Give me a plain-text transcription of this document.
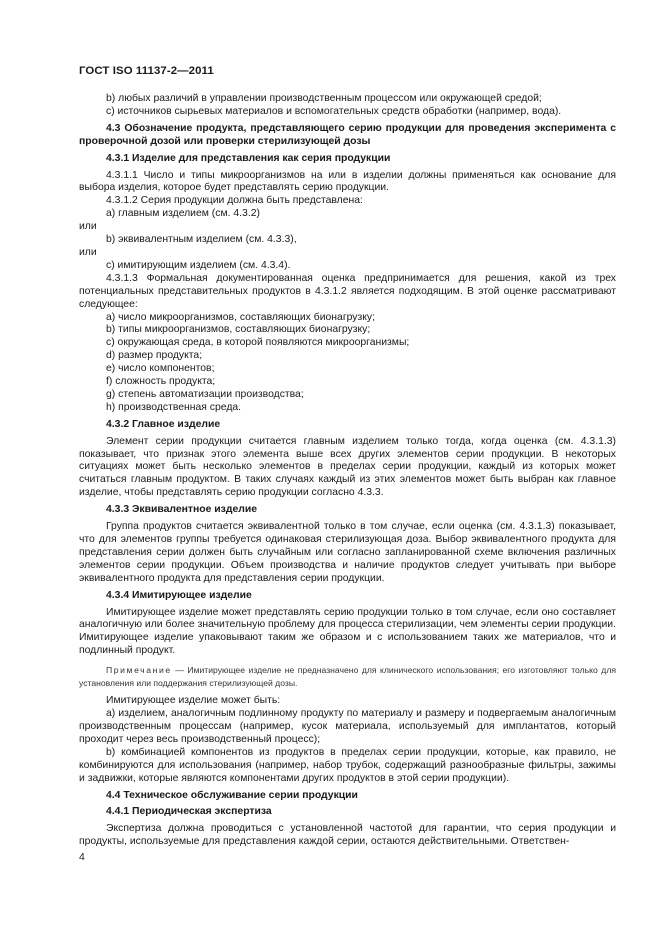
ГОСТ ISO 11137-2—2011

b) любых различий в управлении производственным процессом или окружающей средой;

c) источников сырьевых материалов и вспомогательных средств обработки (например, вода).

4.3 Обозначение продукта, представляющего серию продукции для проведения эксперимента с проверочной дозой или проверки стерилизующей дозы

4.3.1 Изделие для представления как серия продукции

4.3.1.1 Число и типы микроорганизмов на или в изделии должны применяться как основание для выбора изделия, которое будет представлять серию продукции.

4.3.1.2 Серия продукции должна быть представлена:

a) главным изделием (см. 4.3.2)

или

b) эквивалентным изделием (см. 4.3.3),

или

c) имитирующим изделием (см. 4.3.4).

4.3.1.3 Формальная документированная оценка предпринимается для решения, какой из трех потенциальных представительных продуктов в 4.3.1.2 является подходящим. В этой оценке рассматривают следующее:

a) число микроорганизмов, составляющих бионагрузку;

b) типы микроорганизмов, составляющих бионагрузку;

c) окружающая среда, в которой появляются микроорганизмы;

d) размер продукта;

e) число компонентов;

f) сложность продукта;

g) степень автоматизации производства;

h) производственная среда.

4.3.2 Главное изделие

Элемент серии продукции считается главным изделием только тогда, когда оценка (см. 4.3.1.3) показывает, что признак этого элемента выше всех других элементов серии продукции. В некоторых ситуациях может быть несколько элементов в пределах серии продукции, каждый из которых может считаться главным продуктом. В таких случаях каждый из этих элементов может быть выбран как главное изделие, чтобы представлять серию продукции согласно 4.3.3.

4.3.3 Эквивалентное изделие

Группа продуктов считается эквивалентной только в том случае, если оценка (см. 4.3.1.3) показывает, что для элементов группы требуется одинаковая стерилизующая доза. Выбор эквивалентного продукта для представления серии должен быть случайным или согласно запланированной схеме включения различных элементов серии продукции. Объем производства и наличие продуктов следует учитывать при выборе эквивалентного продукта для представления серии продукции.

4.3.4 Имитирующее изделие

Имитирующее изделие может представлять серию продукции только в том случае, если оно составляет аналогичную или более значительную проблему для процесса стерилизации, чем элементы серии продукции. Имитирующее изделие упаковывают таким же образом и с использованием таких же материалов, что и подлинный продукт.

Примечание — Имитирующее изделие не предназначено для клинического использования; его изготовляют только для установления или поддержания стерилизующей дозы.

Имитирующее изделие может быть:

a) изделием, аналогичным подлинному продукту по материалу и размеру и подвергаемым аналогичным производственным процессам (например, кусок материала, используемый для имплантатов, который проходит через весь производственный процесс);

b) комбинацией компонентов из продуктов в пределах серии продукции, которые, как правило, не комбинируются для использования (например, набор трубок, содержащий разнообразные фильтры, зажимы и задвижки, которые являются компонентами других продуктов в этой серии продукции).

4.4 Техническое обслуживание серии продукции

4.4.1 Периодическая экспертиза

Экспертиза должна проводиться с установленной частотой для гарантии, что серия продукции и продукты, используемые для представления каждой серии, остаются действительными. Ответствен-

4
